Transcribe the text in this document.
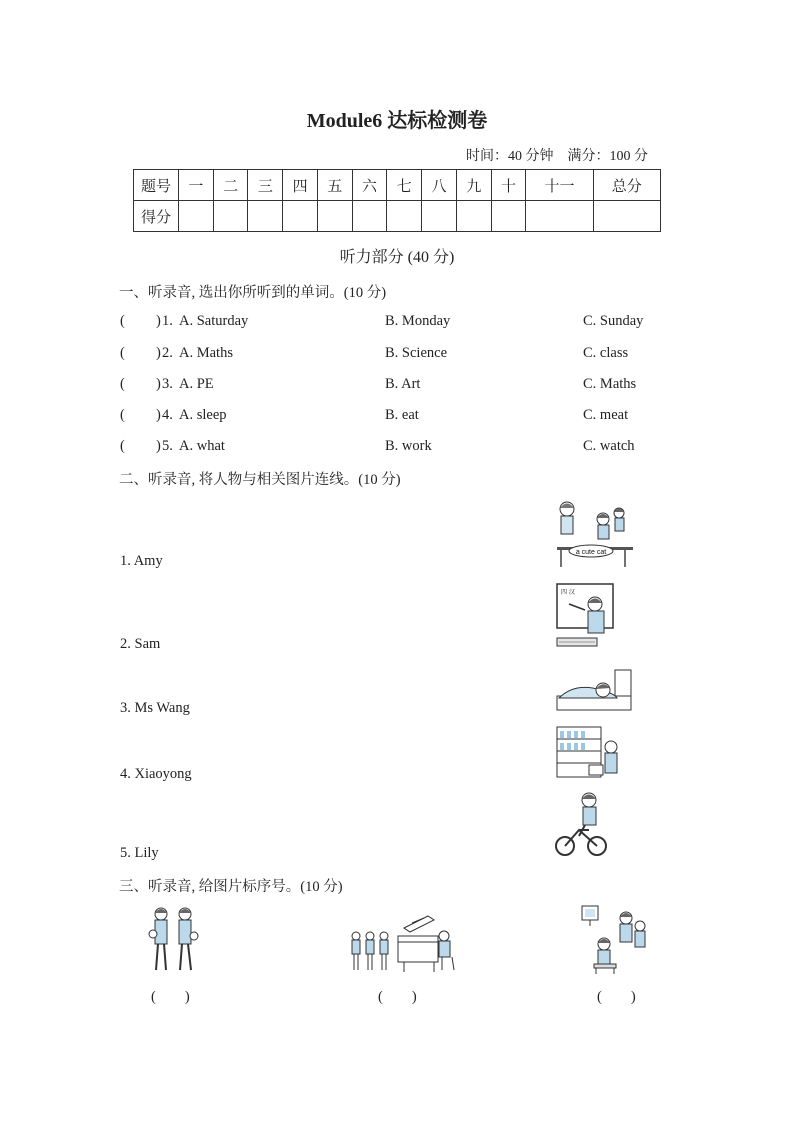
Module6 达标检测卷
时间：40 分钟    满分：100 分
题号	一	二	三	四	五	六	七	八	九	十	十一	总分
得分												
听力部分 (40 分)
一、听录音, 选出你所听到的单词。(10 分)
( ) 1. A. Saturday	B. Monday	C. Sunday
( ) 2. A. Maths	B. Science	C. class
( ) 3. A. PE	B. Art	C. Maths
( ) 4. A. sleep	B. eat	C. meat
( ) 5. A. what	B. work	C. watch
二、听录音, 将人物与相关图片连线。(10 分)
1. Amy
2. Sam
3. Ms Wang
4. Xiaoyong
5. Lily
a cute cat
四 汉
三、听录音, 给图片标序号。(10 分)
(        )	(        )	(        )
